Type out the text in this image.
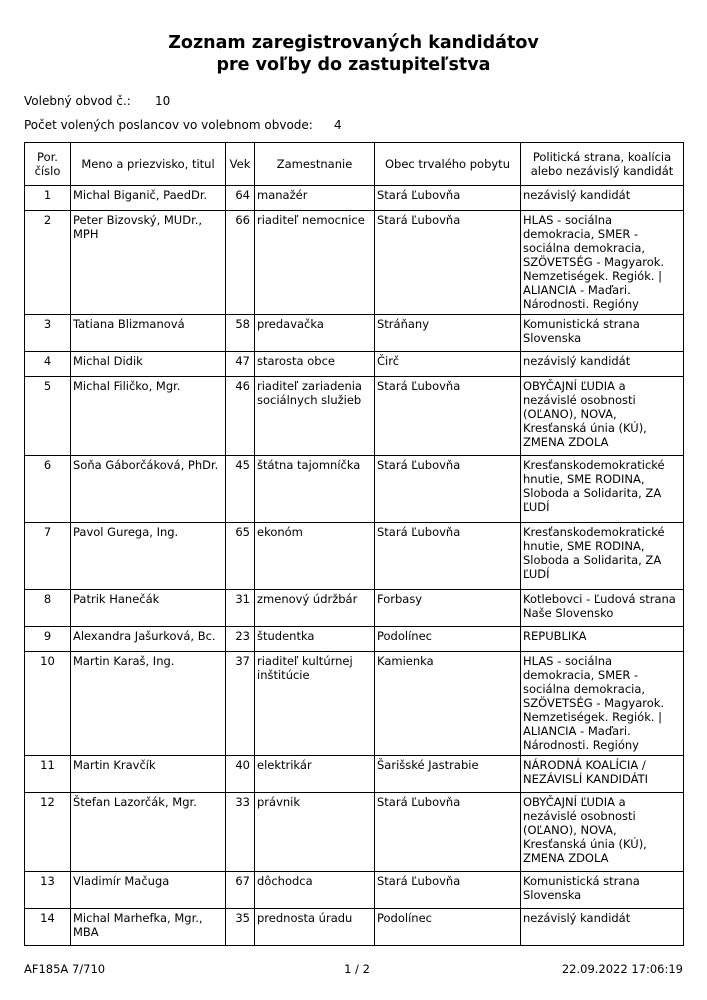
Zoznam zaregistrovaných kandidátov
pre voľby do zastupiteľstva
Volebný obvod č.: 10
Počet volených poslancov vo volebnom obvode: 4
Por. číslo	Meno a priezvisko, titul	Vek	Zamestnanie	Obec trvalého pobytu	Politická strana, koalícia alebo nezávislý kandidát
1	Michal Biganič, PaedDr.	64	manažér	Stará Ľubovňa	nezávislý kandidát
2	Peter Bizovský, MUDr., MPH	66	riaditeľ nemocnice	Stará Ľubovňa	HLAS - sociálna demokracia, SMER - sociálna demokracia, SZÖVETSÉG - Magyarok. Nemzetiségek. Regiók. | ALIANCIA - Maďari. Národnosti. Regióny
3	Tatiana Blizmanová	58	predavačka	Stráňany	Komunistická strana Slovenska
4	Michal Didik	47	starosta obce	Čirč	nezávislý kandidát
5	Michal Filičko, Mgr.	46	riaditeľ zariadenia sociálnych služieb	Stará Ľubovňa	OBYČAJNÍ ĽUDIA a nezávislé osobnosti (OĽANO), NOVA, Kresťanská únia (KÚ), ZMENA ZDOLA
6	Soňa Gáborčáková, PhDr.	45	štátna tajomníčka	Stará Ľubovňa	Kresťanskodemokratické hnutie, SME RODINA, Sloboda a Solidarita, ZA ĽUDÍ
7	Pavol Gurega, Ing.	65	ekonóm	Stará Ľubovňa	Kresťanskodemokratické hnutie, SME RODINA, Sloboda a Solidarita, ZA ĽUDÍ
8	Patrik Hanečák	31	zmenový údržbár	Forbasy	Kotlebovci - Ľudová strana Naše Slovensko
9	Alexandra Jašurková, Bc.	23	študentka	Podolínec	REPUBLIKA
10	Martin Karaš, Ing.	37	riaditeľ kultúrnej inštitúcie	Kamienka	HLAS - sociálna demokracia, SMER - sociálna demokracia, SZÖVETSÉG - Magyarok. Nemzetiségek. Regiók. | ALIANCIA - Maďari. Národnosti. Regióny
11	Martin Kravčík	40	elektrikár	Šarišské Jastrabie	NÁRODNÁ KOALÍCIA / NEZÁVISLÍ KANDIDÁTI
12	Štefan Lazorčák, Mgr.	33	právnik	Stará Ľubovňa	OBYČAJNÍ ĽUDIA a nezávislé osobnosti (OĽANO), NOVA, Kresťanská únia (KÚ), ZMENA ZDOLA
13	Vladimír Mačuga	67	dôchodca	Stará Ľubovňa	Komunistická strana Slovenska
14	Michal Marhefka, Mgr., MBA	35	prednosta úradu	Podolínec	nezávislý kandidát
AF185A 7/710	1 / 2	22.09.2022 17:06:19
